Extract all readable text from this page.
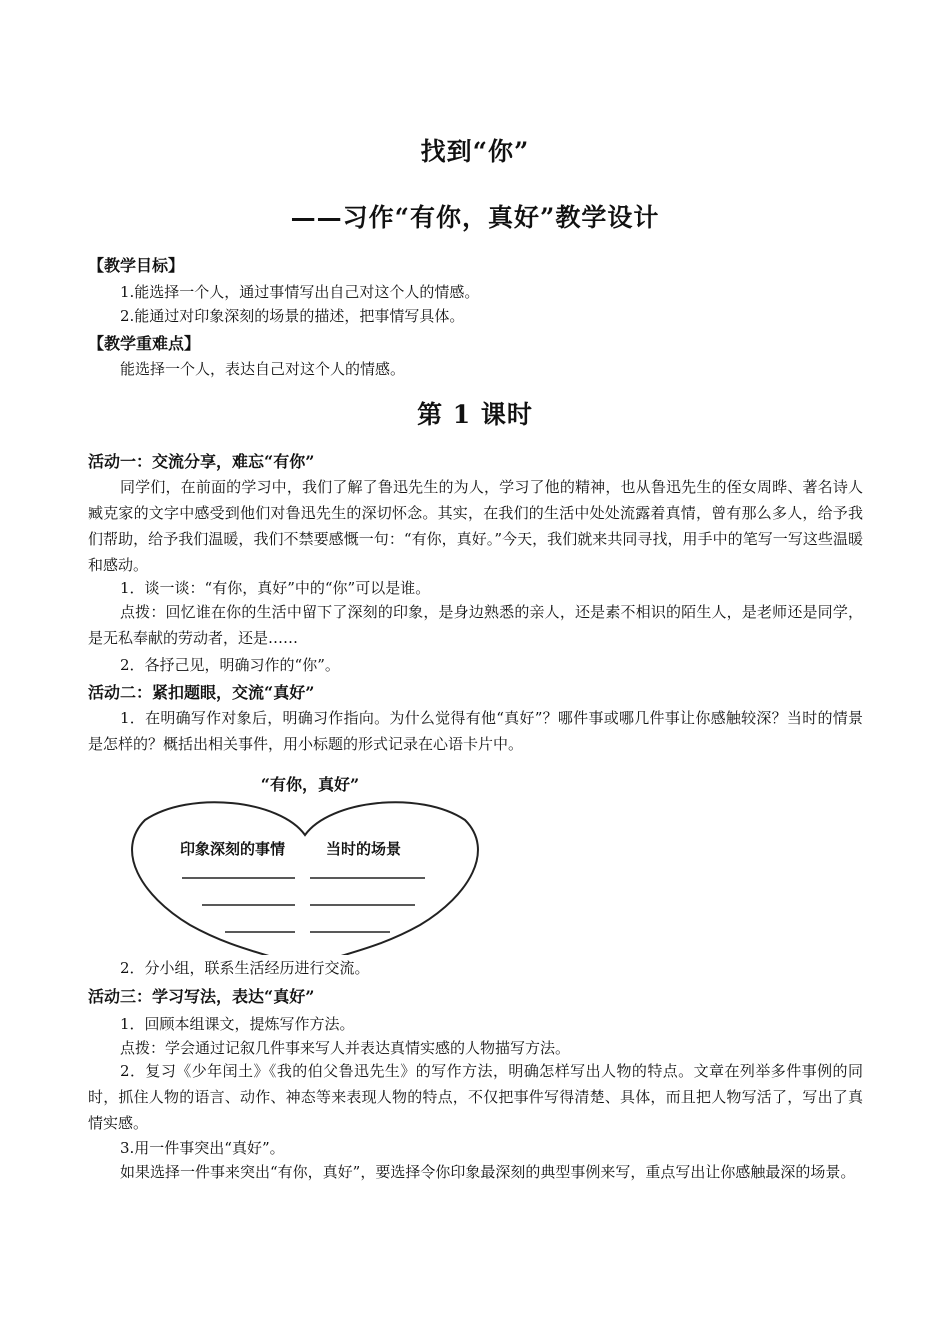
找到“你”
——习作“有你，真好”教学设计
【教学目标】
1.能选择一个人，通过事情写出自己对这个人的情感。
2.能通过对印象深刻的场景的描述，把事情写具体。
【教学重难点】
能选择一个人，表达自己对这个人的情感。
第 1 课时
活动一：交流分享，难忘“有你”
同学们，在前面的学习中，我们了解了鲁迅先生的为人，学习了他的精神，也从鲁迅先生的侄女周晔、著名诗人臧克家的文字中感受到他们对鲁迅先生的深切怀念。其实，在我们的生活中处处流露着真情，曾有那么多人，给予我们帮助，给予我们温暖，我们不禁要感慨一句：“有你，真好。”今天，我们就来共同寻找，用手中的笔写一写这些温暖和感动。
1．谈一谈：“有你，真好”中的“你”可以是谁。
点拨：回忆谁在你的生活中留下了深刻的印象，是身边熟悉的亲人，还是素不相识的陌生人，是老师还是同学，是无私奉献的劳动者，还是……
2．各抒己见，明确习作的“你”。
活动二：紧扣题眼，交流“真好”
1．在明确写作对象后，明确习作指向。为什么觉得有他“真好”？哪件事或哪几件事让你感触较深？当时的情景是怎样的？概括出相关事件，用小标题的形式记录在心语卡片中。
“有你，真好”
印象深刻的事情	当时的场景
2．分小组，联系生活经历进行交流。
活动三：学习写法，表达“真好”
1．回顾本组课文，提炼写作方法。
点拨：学会通过记叙几件事来写人并表达真情实感的人物描写方法。
2．复习《少年闰土》《我的伯父鲁迅先生》的写作方法，明确怎样写出人物的特点。文章在列举多件事例的同时，抓住人物的语言、动作、神态等来表现人物的特点，不仅把事件写得清楚、具体，而且把人物写活了，写出了真情实感。
3.用一件事突出“真好”。
如果选择一件事来突出“有你，真好”，要选择令你印象最深刻的典型事例来写，重点写出让你感触最深的场景。
